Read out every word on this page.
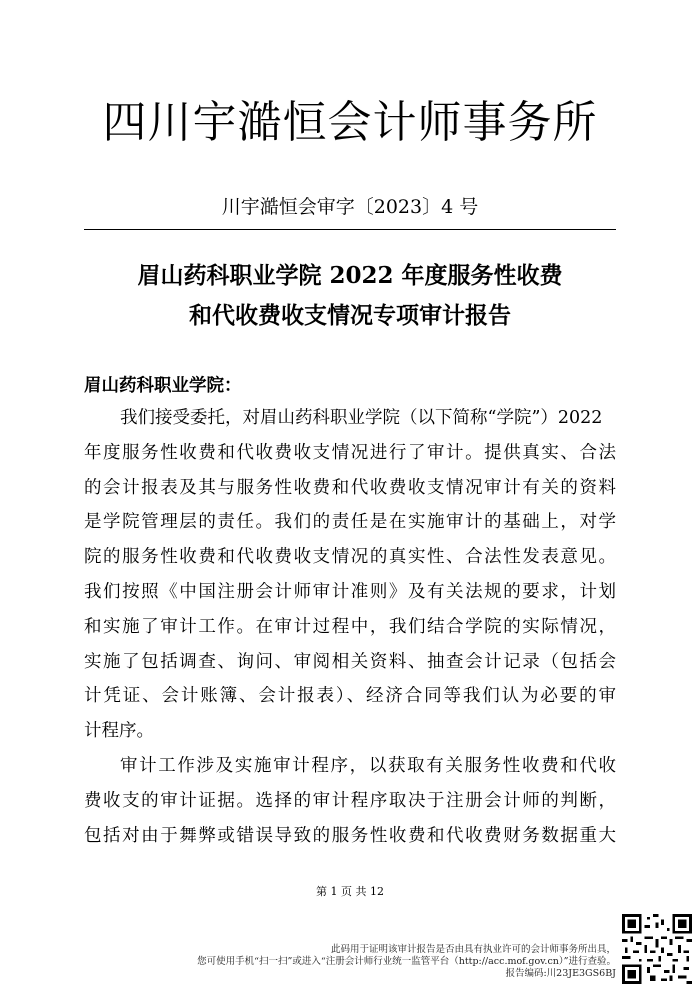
四川宇澔恒会计师事务所
川宇澔恒会审字〔2023〕4 号
眉山药科职业学院 2022 年度服务性收费
和代收费收支情况专项审计报告
眉山药科职业学院：
我们接受委托，对眉山药科职业学院（以下简称“学院”）2022
年度服务性收费和代收费收支情况进行了审计。提供真实、合法
的会计报表及其与服务性收费和代收费收支情况审计有关的资料
是学院管理层的责任。我们的责任是在实施审计的基础上，对学
院的服务性收费和代收费收支情况的真实性、合法性发表意见。
我们按照《中国注册会计师审计准则》及有关法规的要求，计划
和实施了审计工作。在审计过程中，我们结合学院的实际情况，
实施了包括调查、询问、审阅相关资料、抽查会计记录（包括会
计凭证、会计账簿、会计报表）、经济合同等我们认为必要的审
计程序。
审计工作涉及实施审计程序，以获取有关服务性收费和代收
费收支的审计证据。选择的审计程序取决于注册会计师的判断，
包括对由于舞弊或错误导致的服务性收费和代收费财务数据重大
第 1 页 共 12
此码用于证明该审计报告是否由具有执业许可的会计师事务所出具，
您可使用手机“扫一扫”或进入“注册会计师行业统一监管平台（http://acc.mof.gov.cn）”进行查验。
报告编码:川23JE3GS6BJ
